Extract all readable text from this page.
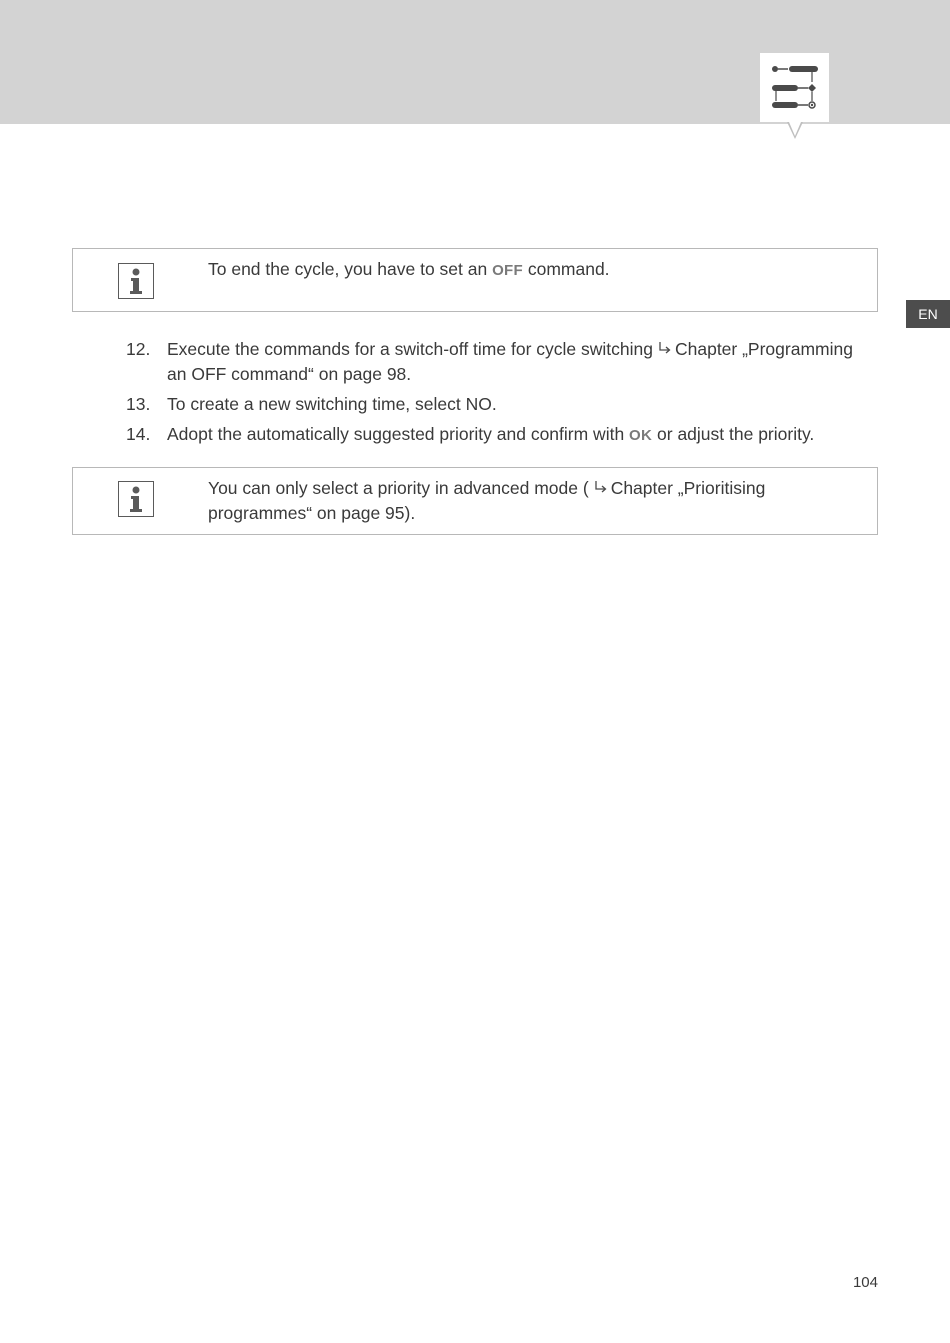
EN
To end the cycle, you have to set an OFF command.
12. Execute the commands for a switch-off time for cycle switching Chapter „Programming an OFF command“ on page 98.
13. To create a new switching time, select NO.
14. Adopt the automatically suggested priority and confirm with OK or adjust the priority.
You can only select a priority in advanced mode ( Chapter „Prioritising programmes“ on page 95).
104
